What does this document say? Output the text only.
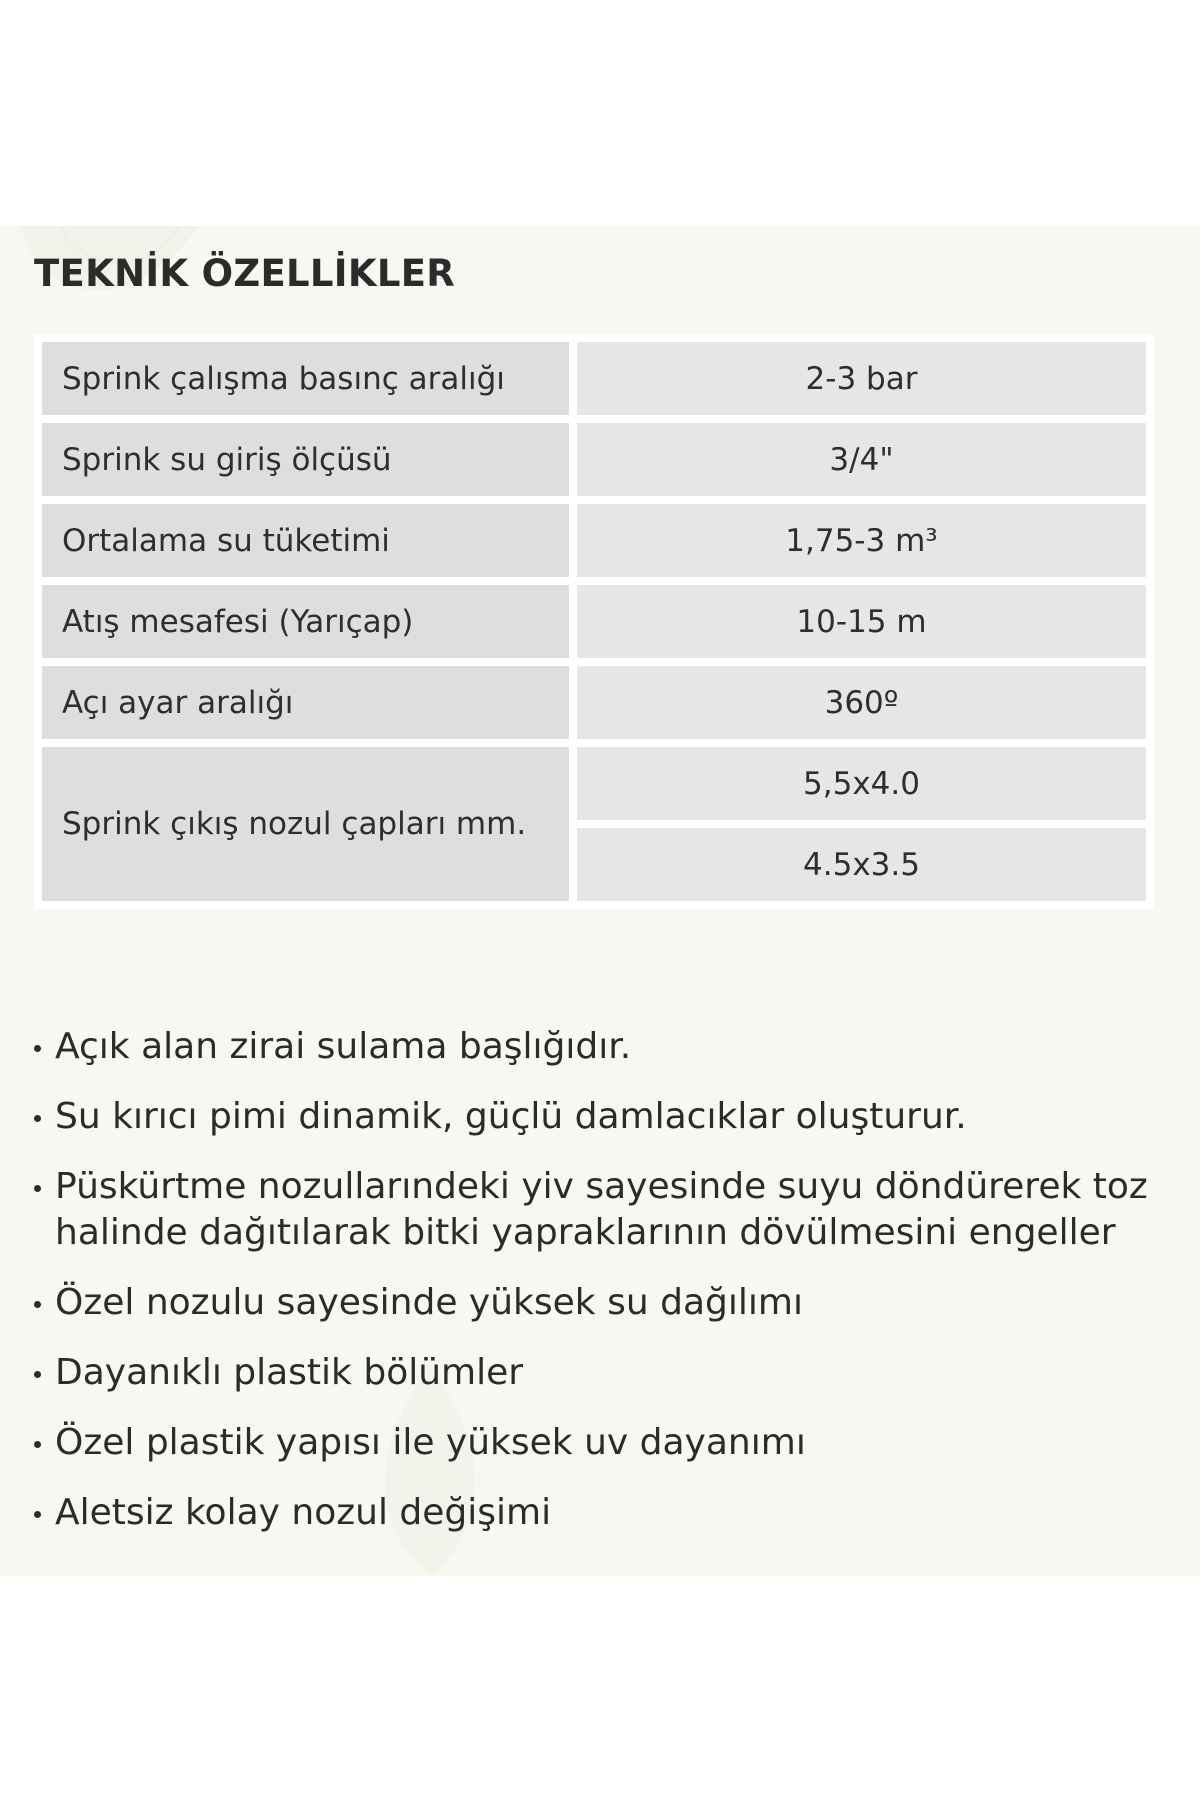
TEKNİK ÖZELLİKLER
Sprink çalışma basınç aralığı	2-3 bar
Sprink su giriş ölçüsü	3/4"
Ortalama su tüketimi	1,75-3 m³
Atış mesafesi (Yarıçap)	10-15 m
Açı ayar aralığı	360º
Sprink çıkış nozul çapları mm.	5,5x4.0
	4.5x3.5
Açık alan zirai sulama başlığıdır.
Su kırıcı pimi dinamik, güçlü damlacıklar oluşturur.
Püskürtme nozullarındeki yiv sayesinde suyu döndürerek toz halinde dağıtılarak bitki yapraklarının dövülmesini engeller
Özel nozulu sayesinde yüksek su dağılımı
Dayanıklı plastik bölümler
Özel plastik yapısı ile yüksek uv dayanımı
Aletsiz kolay nozul değişimi
